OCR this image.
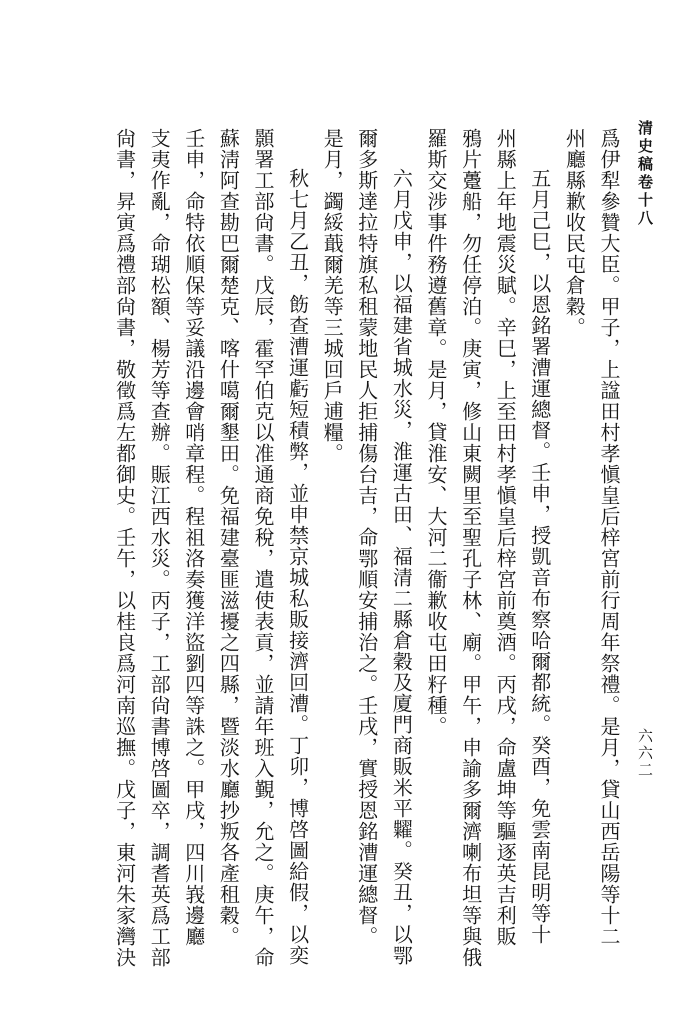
清史稿卷十八
六六二
爲伊犁參贊大臣。甲子，上諡田村孝愼皇后梓宮前行周年祭禮。是月，貸山西岳陽等十二
州廳縣歉收民屯倉穀。
五月己巳，以恩銘署漕運總督。壬申，授凱音布察哈爾都統。癸酉，免雲南昆明等十
州縣上年地震災賦。辛巳，上至田村孝愼皇后梓宮前奠酒。丙戌，命盧坤等驅逐英吉利販
鴉片躉船，勿任停泊。庚寅，修山東闕里至聖孔子林、廟。甲午，申諭多爾濟喇布坦等與俄
羅斯交涉事件務遵舊章。是月，貸淮安、大河二衞歉收屯田籽種。
六月戊申，以福建省城水災，淮運古田、福清二縣倉穀及廈門商販米平糶。癸丑，以鄂
爾多斯達拉特旗私租蒙地民人拒捕傷台吉，命鄂順安捕治之。壬戌，實授恩銘漕運總督。
是月，蠲綏蕺爾羌等三城回戶逋糧。
秋七月乙丑，飭查漕運虧短積弊，並申禁京城私販接濟回漕。丁卯，博啓圖給假，以奕
顥署工部尙書。戊辰，霍罕伯克以准通商免稅，遣使表貢，並請年班入覲，允之。庚午，命
蘇淸阿查勘巴爾楚克、喀什噶爾墾田。免福建臺匪滋擾之四縣，暨淡水廳抄叛各產租穀。
壬申，命特依順保等妥議沿邊會哨章程。程祖洛奏獲洋盜劉四等誅之。甲戌，四川峩邊廳
支夷作亂，命瑚松額、楊芳等查辦。賑江西水災。丙子，工部尙書博啓圖卒，調耆英爲工部
尙書，昇寅爲禮部尙書，敬徵爲左都御史。壬午，以桂良爲河南巡撫。戊子，東河朱家灣決
